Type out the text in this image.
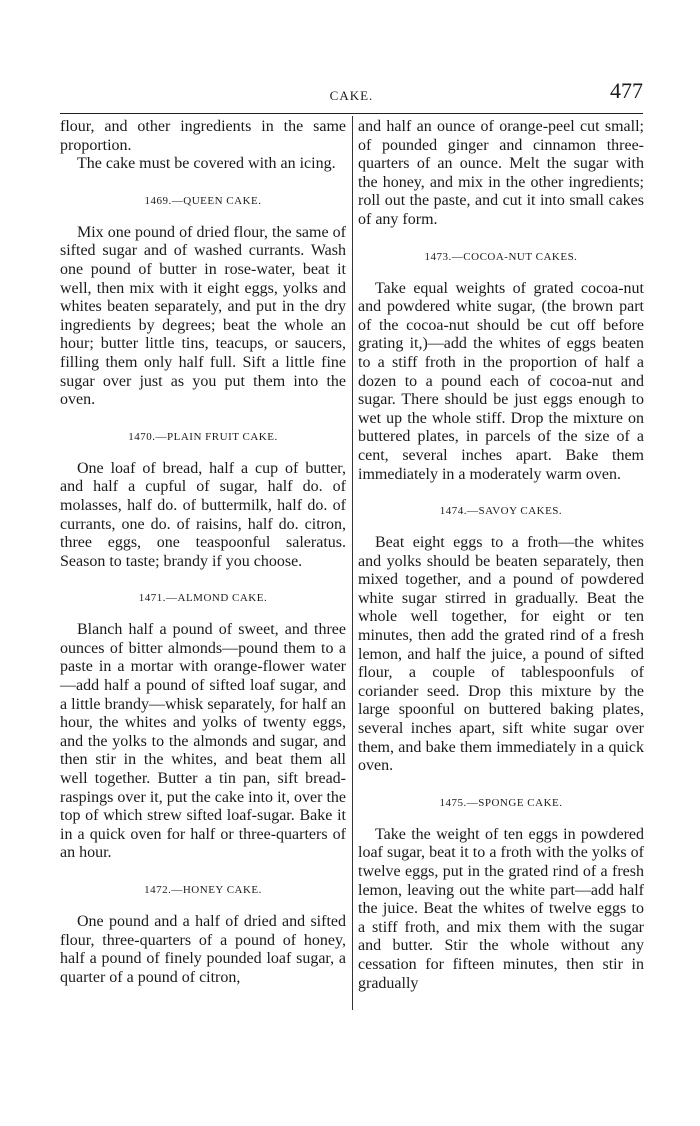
CAKE.	477

flour, and other ingredients in the same proportion.

The cake must be covered with an icing.

1469.—QUEEN CAKE.

Mix one pound of dried flour, the same of sifted sugar and of washed currants. Wash one pound of butter in rose-water, beat it well, then mix with it eight eggs, yolks and whites beaten separately, and put in the dry ingredients by degrees; beat the whole an hour; butter little tins, teacups, or saucers, filling them only half full. Sift a little fine sugar over just as you put them into the oven.

1470.—PLAIN FRUIT CAKE.

One loaf of bread, half a cup of butter, and half a cupful of sugar, half do. of molasses, half do. of buttermilk, half do. of currants, one do. of raisins, half do. citron, three eggs, one teaspoonful saleratus. Season to taste; brandy if you choose.

1471.—ALMOND CAKE.

Blanch half a pound of sweet, and three ounces of bitter almonds—pound them to a paste in a mortar with orange-flower water—add half a pound of sifted loaf sugar, and a little brandy—whisk separately, for half an hour, the whites and yolks of twenty eggs, and the yolks to the almonds and sugar, and then stir in the whites, and beat them all well together. Butter a tin pan, sift bread-raspings over it, put the cake into it, over the top of which strew sifted loaf-sugar. Bake it in a quick oven for half or three-quarters of an hour.

1472.—HONEY CAKE.

One pound and a half of dried and sifted flour, three-quarters of a pound of honey, half a pound of finely pounded loaf sugar, a quarter of a pound of citron,

and half an ounce of orange-peel cut small; of pounded ginger and cinnamon three-quarters of an ounce. Melt the sugar with the honey, and mix in the other ingredients; roll out the paste, and cut it into small cakes of any form.

1473.—COCOA-NUT CAKES.

Take equal weights of grated cocoa-nut and powdered white sugar, (the brown part of the cocoa-nut should be cut off before grating it,)—add the whites of eggs beaten to a stiff froth in the proportion of half a dozen to a pound each of cocoa-nut and sugar. There should be just eggs enough to wet up the whole stiff. Drop the mixture on buttered plates, in parcels of the size of a cent, several inches apart. Bake them immediately in a moderately warm oven.

1474.—SAVOY CAKES.

Beat eight eggs to a froth—the whites and yolks should be beaten separately, then mixed together, and a pound of powdered white sugar stirred in gradually. Beat the whole well together, for eight or ten minutes, then add the grated rind of a fresh lemon, and half the juice, a pound of sifted flour, a couple of tablespoonfuls of coriander seed. Drop this mixture by the large spoonful on buttered baking plates, several inches apart, sift white sugar over them, and bake them immediately in a quick oven.

1475.—SPONGE CAKE.

Take the weight of ten eggs in powdered loaf sugar, beat it to a froth with the yolks of twelve eggs, put in the grated rind of a fresh lemon, leaving out the white part—add half the juice. Beat the whites of twelve eggs to a stiff froth, and mix them with the sugar and butter. Stir the whole without any cessation for fifteen minutes, then stir in gradually
